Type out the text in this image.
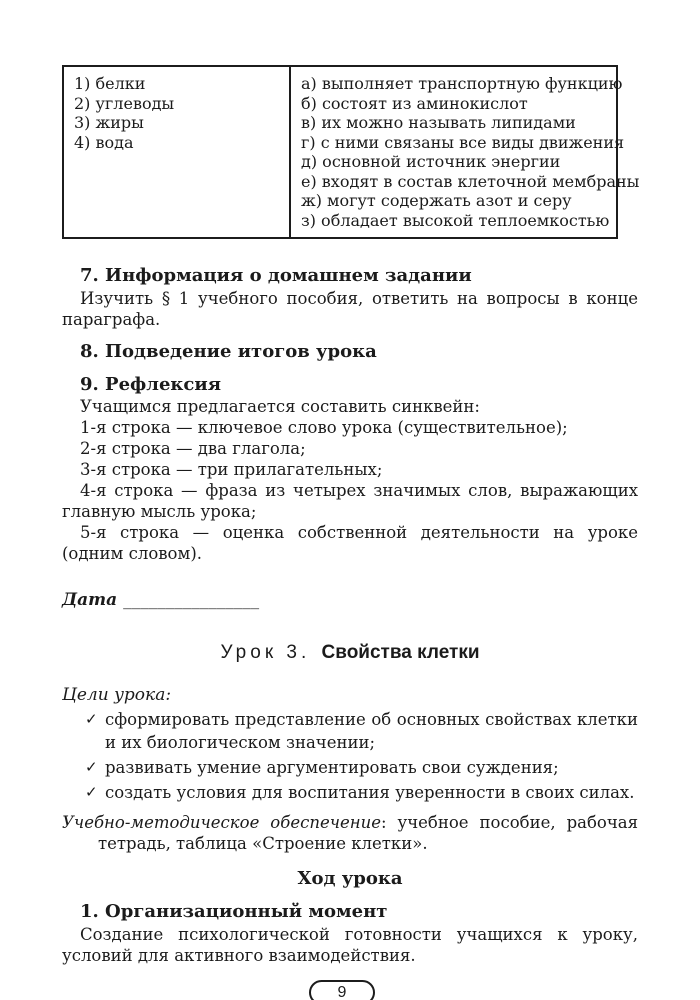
1) белки
2) углеводы
3) жиры
4) вода

а) выполняет транспортную функцию
б) состоят из аминокислот
в) их можно называть липидами
г) с ними связаны все виды движения
д) основной источник энергии
е) входят в состав клеточной мембраны
ж) могут содержать азот и серу
з) обладает высокой теплоемкостью
7. Информация о домашнем задании

Изучить § 1 учебного пособия, ответить на вопросы в конце параграфа.

8. Подведение итогов урока
9. Рефлексия

Учащимся предлагается составить синквейн:

1-я строка — ключевое слово урока (существительное);

2-я строка — два глагола;

3-я строка — три прилагательных;

4-я строка — фраза из четырех значимых слов, выражающих главную мысль урока;

5-я строка — оценка собственной деятельности на уроке (одним словом).

Дата ________________
Урок 3. Свойства клетки
Цели урока:
✓ сформировать представление об основных свойствах клетки и их биологическом значении;
✓ развивать умение аргументировать свои суждения;
✓ создать условия для воспитания уверенности в своих силах.
Учебно-методическое обеспечение: учебное пособие, рабочая тетрадь, таблица «Строение клетки».
Ход урока
1. Организационный момент

Создание психологической готовности учащихся к уроку, условий для активного взаимодействия.

9
